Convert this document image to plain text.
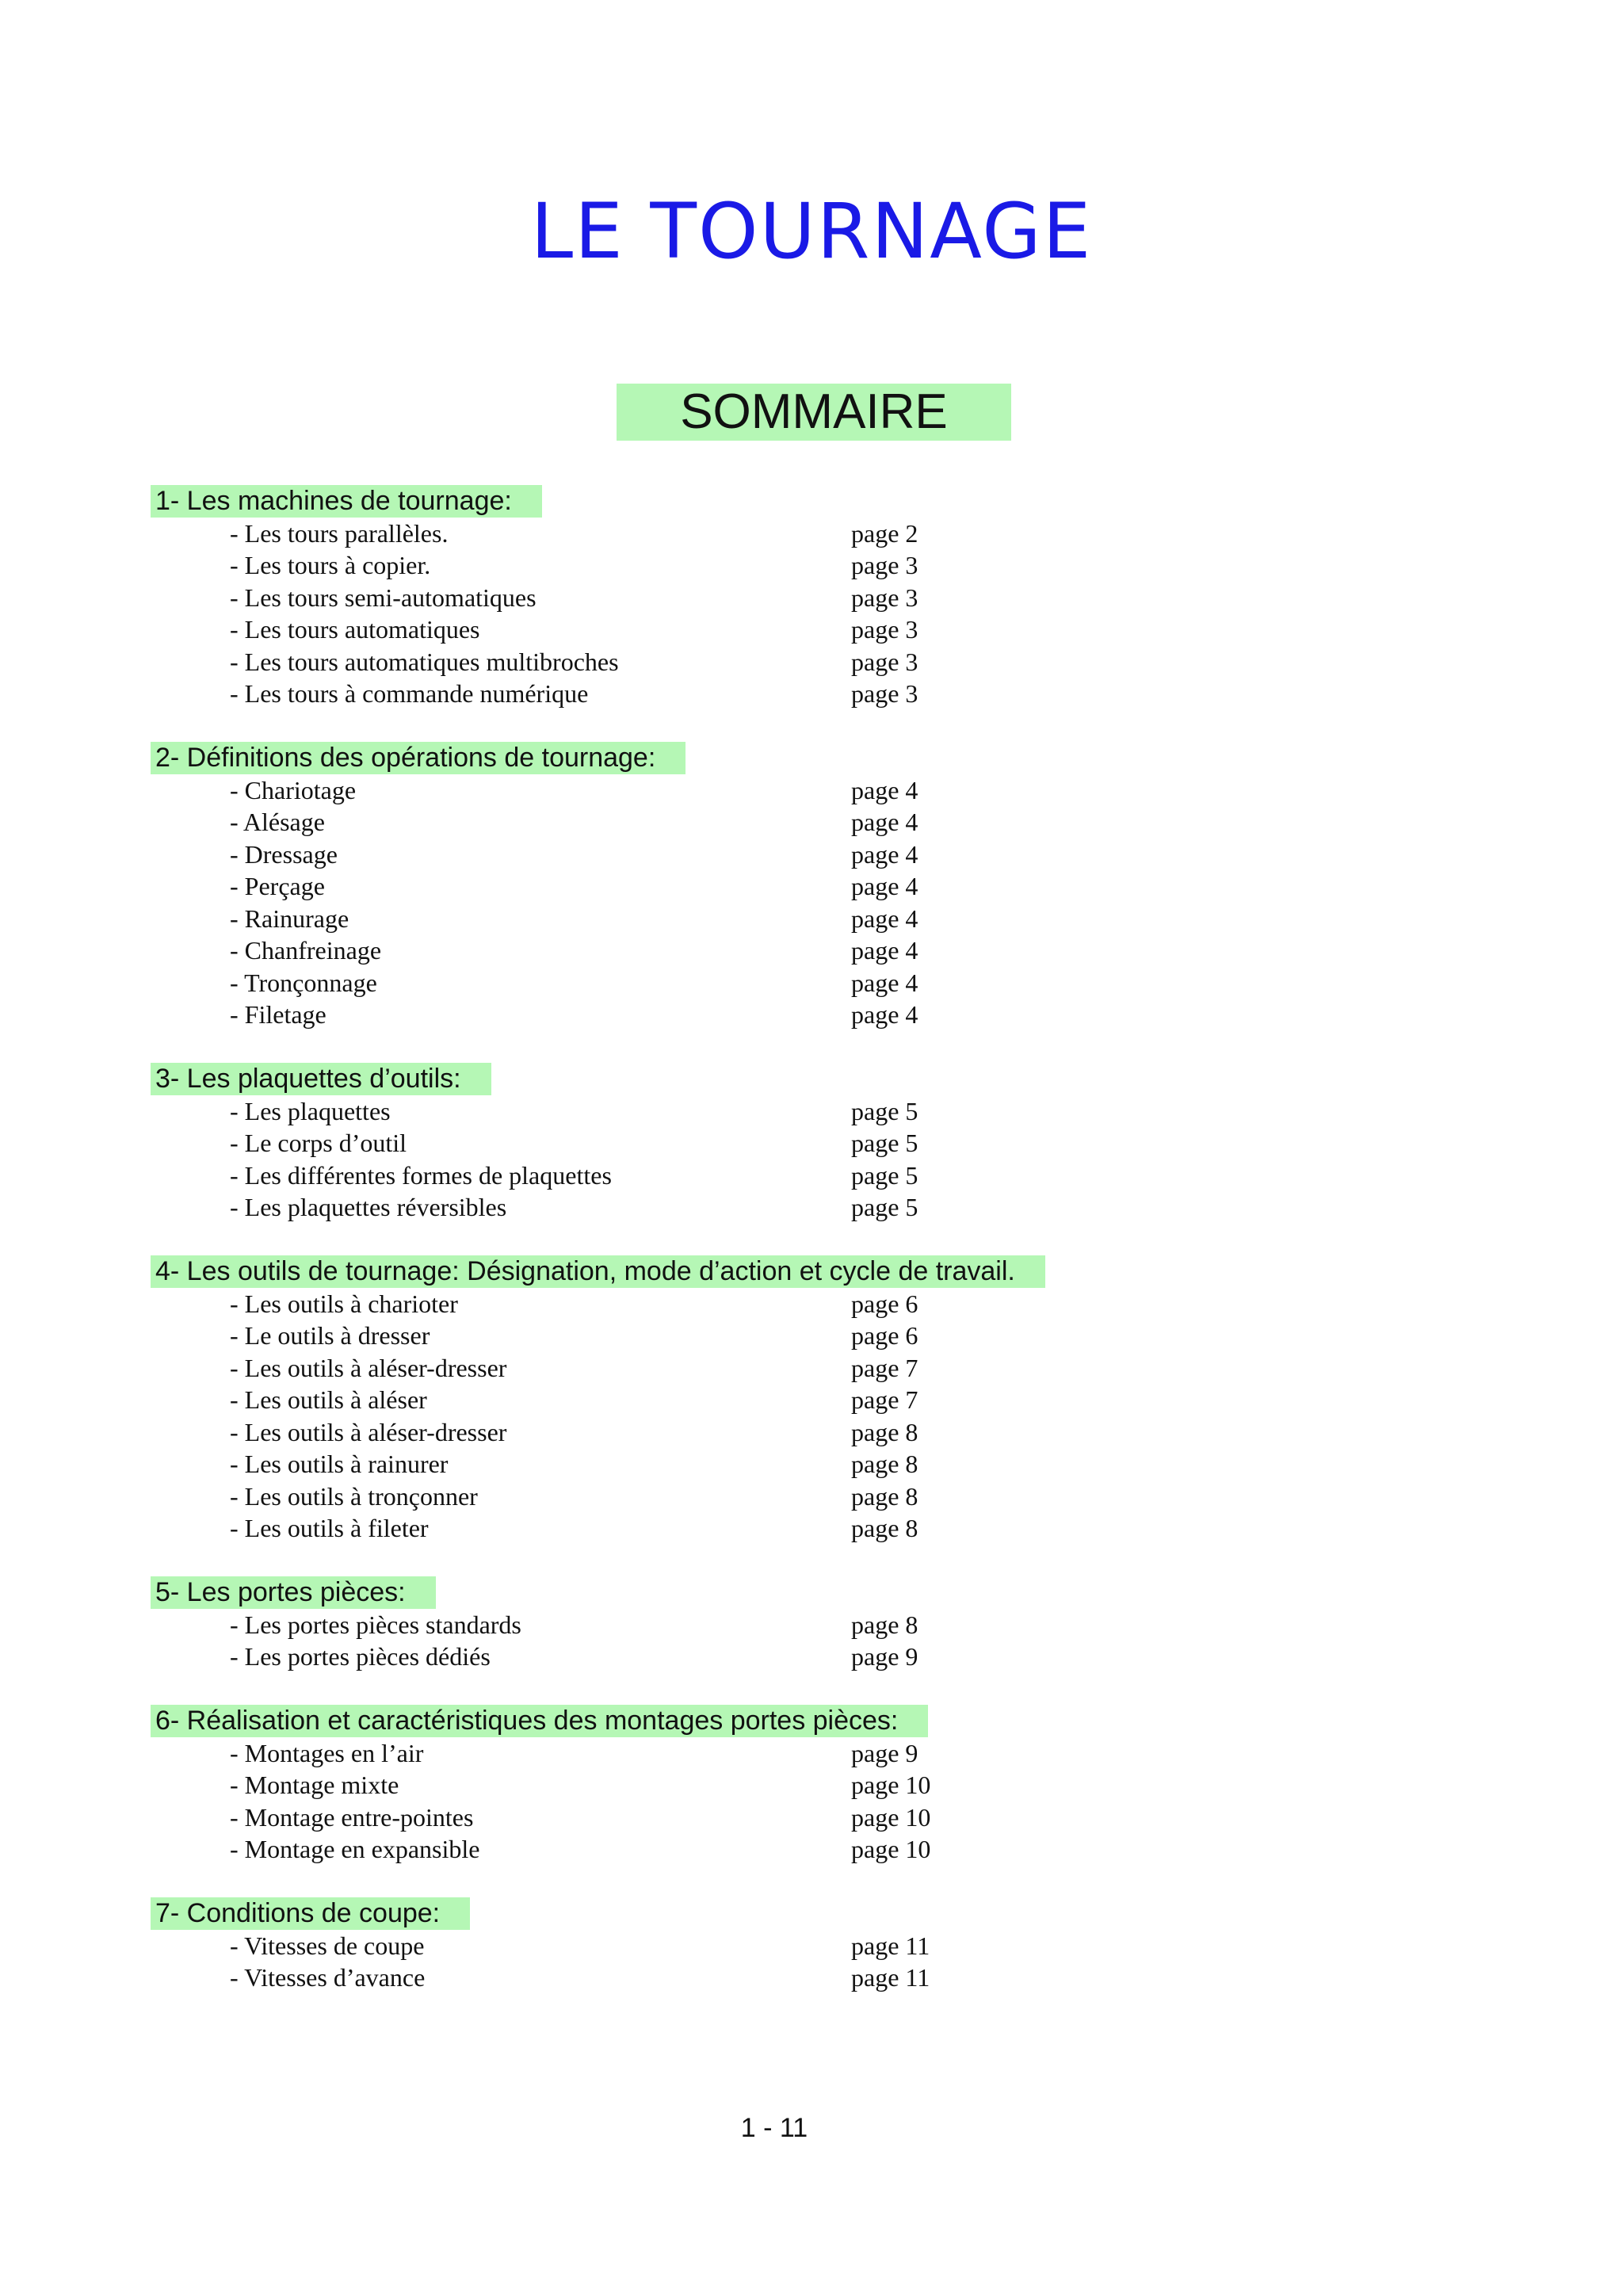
LE TOURNAGE
SOMMAIRE
1- Les machines de tournage:
- Les tours parallèles.	page 2
- Les tours à copier.	page 3
- Les tours semi-automatiques	page 3
- Les tours automatiques	page 3
- Les tours automatiques multibroches	page 3
- Les tours à commande numérique	page 3
2- Définitions des opérations de tournage:
- Chariotage	page 4
- Alésage	page 4
- Dressage	page 4
- Perçage	page 4
- Rainurage	page 4
- Chanfreinage	page 4
- Tronçonnage	page 4
- Filetage	page 4
3- Les plaquettes d’outils:
- Les plaquettes	page 5
- Le corps d’outil	page 5
- Les différentes formes de plaquettes	page 5
- Les plaquettes réversibles	page 5
4- Les outils de tournage: Désignation, mode d’action et cycle de travail.
- Les outils à charioter	page 6
- Le outils à dresser	page 6
- Les outils à aléser-dresser	page 7
- Les outils à aléser	page 7
- Les outils à aléser-dresser	page 8
- Les outils à rainurer	page 8
- Les outils à tronçonner	page 8
- Les outils à fileter	page 8
5- Les portes pièces:
- Les portes pièces standards	page 8
- Les portes pièces dédiés	page 9
6- Réalisation et caractéristiques des montages portes pièces:
- Montages en l’air	page 9
- Montage mixte	page 10
- Montage entre-pointes	page 10
- Montage en expansible	page 10
7- Conditions de coupe:
- Vitesses de coupe	page 11
- Vitesses d’avance	page 11
1 - 11
